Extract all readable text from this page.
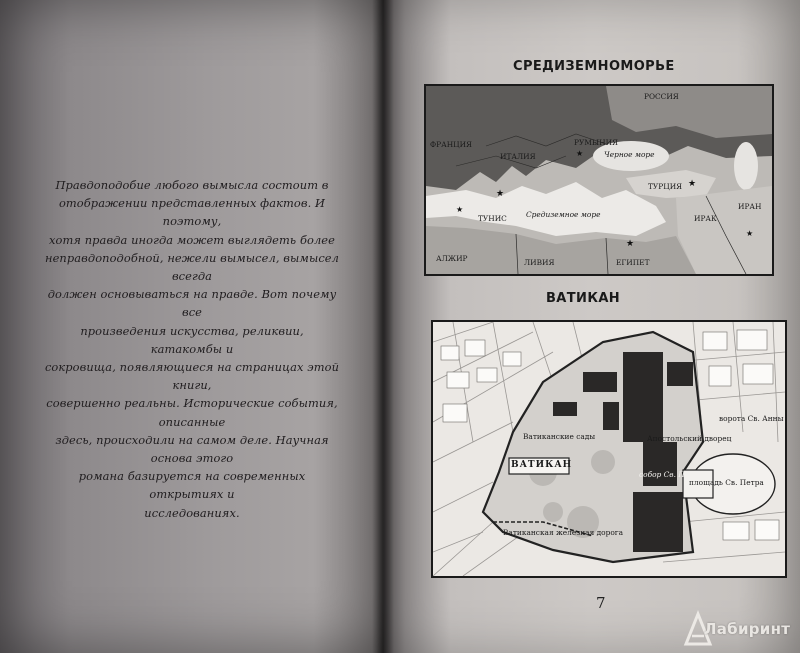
Правдоподобие любого вымысла состоит в
отображении представленных фактов. И поэтому,
хотя правда иногда может выглядеть более
неправдоподобной, нежели вымысел, вымысел всегда
должен основываться на правде. Вот почему все
произведения искусства, реликвии, катакомбы и
сокровища, появляющиеся на страницах этой книги,
совершенно реальны. Исторические события, описанные
здесь, происходили на самом деле. Научная основа этого
романа базируется на современных открытиях и
исследованиях.
СРЕДИЗЕМНОМОРЬЕ
★
★
★
★
★
★
РОССИЯ
ФРАНЦИЯ
ИТАЛИЯ
РУМЫНИЯ
Черное море
ТУРЦИЯ
Средиземное море
ТУНИС
АЛЖИР	ЛИВИЯ	ЕГИПЕТ
ИРАК
ИРАН
ВАТИКАН
ВАТИКАН
площадь Св. Петра
собор Св. Петра
ворота Св. Анны
Апостольский дворец
Ватиканские сады
Ватиканская железная дорога
7
Лабиринт
